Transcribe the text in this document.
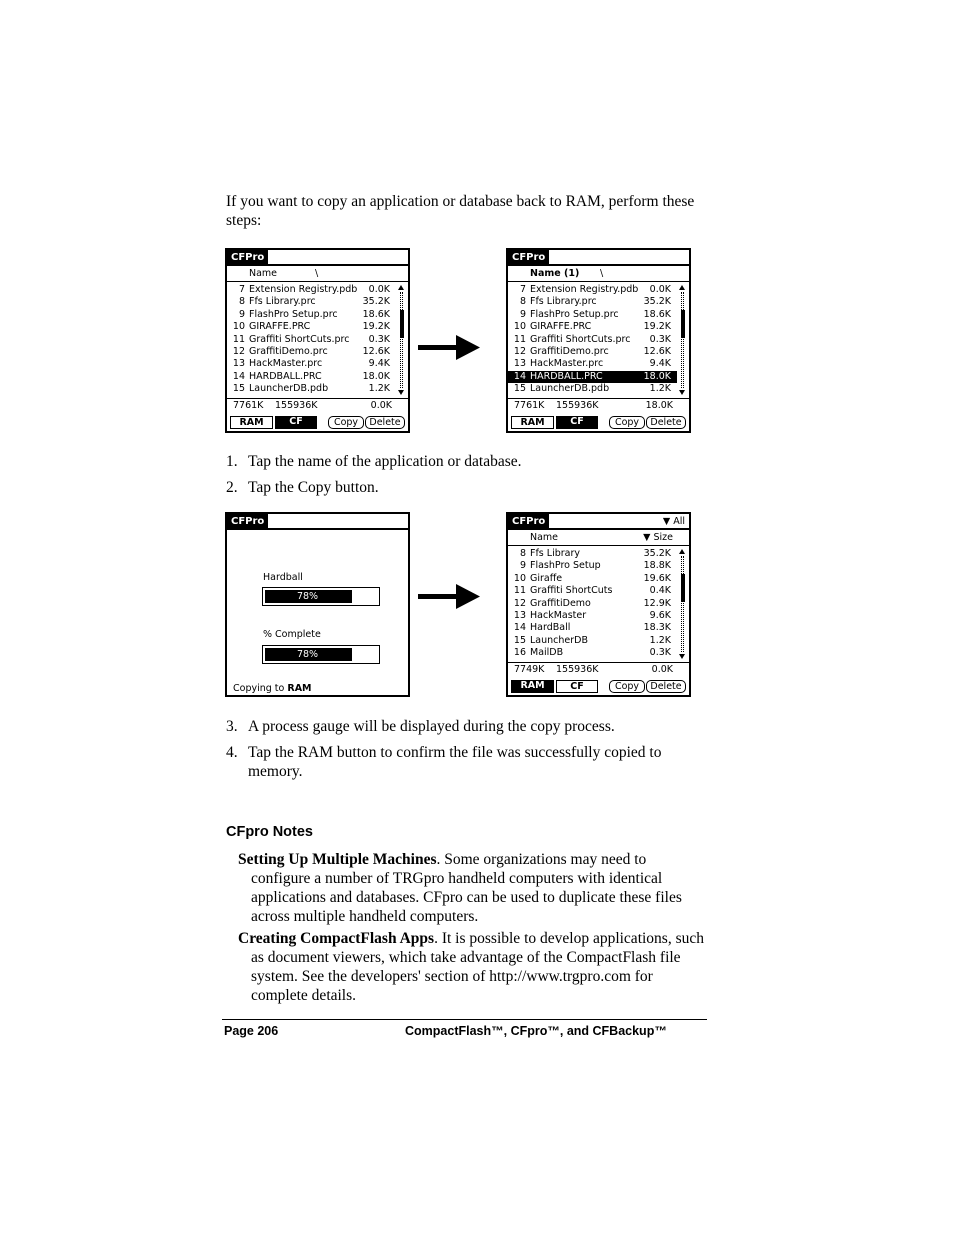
If you want to copy an application or database back to RAM, perform these steps:

CFPro
Name	\
7 Extension Registry.pdb 0.0K
8 Ffs Library.prc	35.2K
9 FlashPro Setup.prc	18.6K
10 GIRAFFE.PRC	19.2K
11 Graffiti ShortCuts.prc 0.3K
12 GraffitiDemo.prc	12.6K
13 HackMaster.prc	9.4K
14 HARDBALL.PRC	18.0K
15 LauncherDB.pdb	1.2K
7761K 155936K	0.0K
RAM	CF	Copy	Delete
CFPro
Name (1) \
7 Extension Registry.pdb 0.0K
8 Ffs Library.prc	35.2K
9 FlashPro Setup.prc	18.6K
10 GIRAFFE.PRC	19.2K
11 Graffiti ShortCuts.prc 0.3K
12 GraffitiDemo.prc	12.6K
13 HackMaster.prc	9.4K
14 HARDBALL.PRC	18.0K
15 LauncherDB.pdb	1.2K
7761K 155936K	18.0K
RAM	CF	Copy	Delete
1. Tap the name of the application or database.
2. Tap the Copy button.
CFPro
Hardball
78%
% Complete
78%
Copying to RAM
CFPro	▼ All
Name	▼ Size
8 Ffs Library	35.2K
9 FlashPro Setup	18.8K
10 Giraffe	19.6K
11 Graffiti ShortCuts	0.4K
12 GraffitiDemo	12.9K
13 HackMaster	9.6K
14 HardBall	18.3K
15 LauncherDB	1.2K
16 MailDB	0.3K
7749K 155936K	0.0K
RAM	CF	Copy	Delete
3. A process gauge will be displayed during the copy process.
4. Tap the RAM button to confirm the file was successfully copied to memory.
CFpro Notes

Setting Up Multiple Machines. Some organizations may need to configure a number of TRGpro handheld computers with identical applications and databases. CFpro can be used to duplicate these files across multiple handheld computers.

Creating CompactFlash Apps. It is possible to develop applications, such as document viewers, which take advantage of the CompactFlash file system. See the developers' section of http://www.trgpro.com for complete details.

Page 206	CompactFlash™, CFpro™, and CFBackup™
